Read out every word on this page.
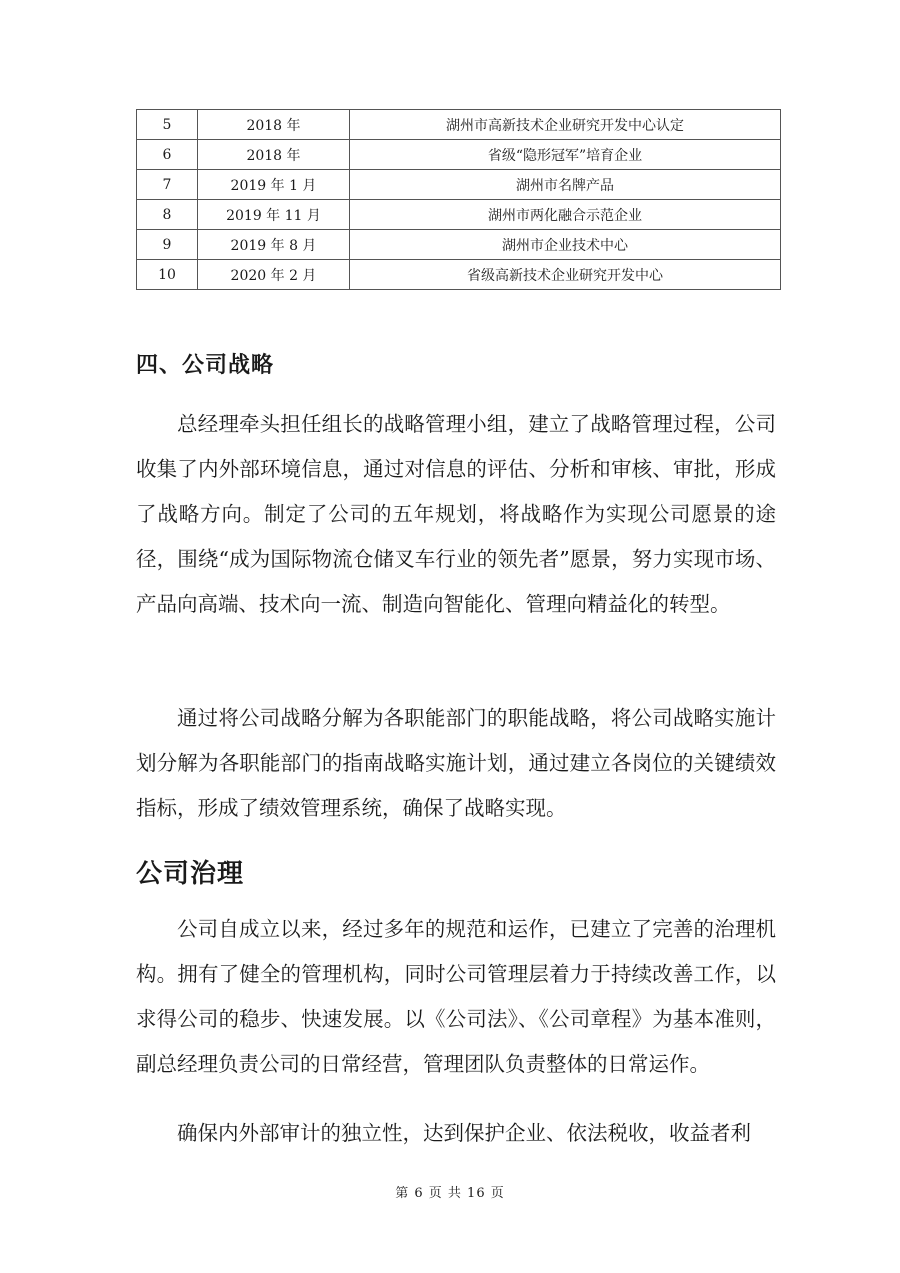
5	2018 年	湖州市高新技术企业研究开发中心认定
6	2018 年	省级“隐形冠军”培育企业
7	2019 年 1 月	湖州市名牌产品
8	2019 年 11 月	湖州市两化融合示范企业
9	2019 年 8 月	湖州市企业技术中心
10	2020 年 2 月	省级高新技术企业研究开发中心
四、公司战略

总经理牵头担任组长的战略管理小组，建立了战略管理过程，公司收集了内外部环境信息，通过对信息的评估、分析和审核、审批，形成了战略方向。制定了公司的五年规划，将战略作为实现公司愿景的途径，围绕“成为国际物流仓储叉车行业的领先者”愿景，努力实现市场、产品向高端、技术向一流、制造向智能化、管理向精益化的转型。

通过将公司战略分解为各职能部门的职能战略，将公司战略实施计划分解为各职能部门的指南战略实施计划，通过建立各岗位的关键绩效指标，形成了绩效管理系统，确保了战略实现。

公司治理

公司自成立以来，经过多年的规范和运作，已建立了完善的治理机构。拥有了健全的管理机构，同时公司管理层着力于持续改善工作，以求得公司的稳步、快速发展。以《公司法》、《公司章程》为基本准则，副总经理负责公司的日常经营，管理团队负责整体的日常运作。

确保内外部审计的独立性，达到保护企业、依法税收，收益者利

第 6 页 共 16 页
